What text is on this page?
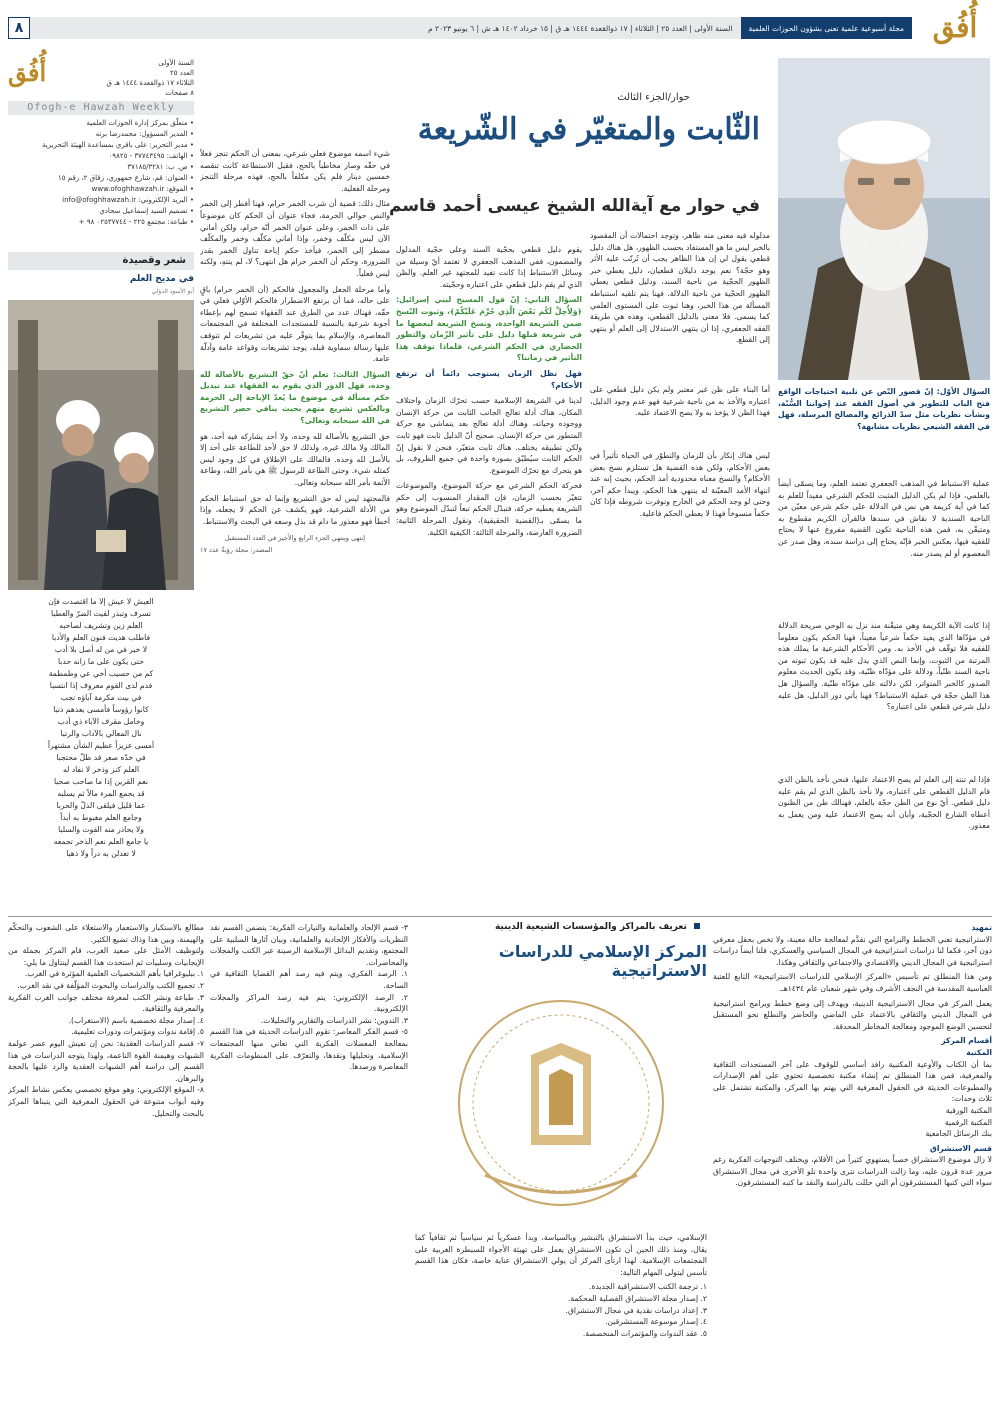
أُفُق
مجلة أسبوعية علمية تعنى بشؤون الحوزات العلمية
السنة الأولى | العدد ٢٥ | الثلاثاء | ١٧ ذوالقعدة ١٤٤٤ هـ ق | ١٥ خرداد ١٤٠٢ هـ ش | ٦ يونيو ٢٠٢٣ م
٨
حوار/الجزء الثالث
الثّابت والمتغيّر في الشّريعة
في حوار مع آيةالله الشيخ عيسى أحمد قاسم
السنة الأولى
العدد ٢٥
الثلاثاء ١٧ ذوالقعدة ١٤٤٤ هـ ق
٨ صفحات
أُفُق
Ofogh-e Hawzah Weekly
• متعلّق بمركز إدارة الحوزات العلمية
• المدير المسؤول: محمدرضا برته
• مدير التحرير: على باقري بمساعدة الهيئة التحريرية
• الهاتف: ٣٧٧٤٣٤٩٥ - ٠٩٨٢٥
• ص. ب: ٣٧١٨٥/٣٢٨١
• العنوان: قم، شارع جمهوري، زقاق ٢، رقم ١٥
• الموقع: www.ofoghhawzah.ir
• البريد الإلكتروني: info@ofoghhawzah.ir
• تصميم السيد إسماعيل سجادي
• طباعة: مجتمع ٢٢٥ - ٠٢٥٣٧٧٤٤ ٩٨ +
شعر وقصيدة
في مديح العلم
أبو الأسود الدؤلي
العيش لا عيش إلا ما اقتصدت فإن
تسرف وتبذر لقيت الضرّ والعطبا
العلم زين وتشريف لصاحبه
فاطلب هديت فنون العلم والأدبا
لا خير في من له أصل بلا أدب
حتى يكون على ما زانه حدبا
كم من حسيب أخي عي وطمطمة
فدم لدى القوم معروف إذا انتسبا
في بيت مكرمة آباؤه نجب
كانوا رؤوساً فأمسى بعدهم ذنبا
وخامل مقرف الآباء ذي أدب
نال المعالي بالآداب والرتبا
أمسى عزيزاً عظيم الشأن مشتهراً
في خدّه صعر قد ظلّ محتجبا
العلم كنز وذخر لا نفاد له
نعم القرين إذا ما صاحب صحبا
قد يجمع المرء مالاً ثم يسلبه
عما قليل فيلقى الذلّ والحربا
وجامع العلم مغبوط به أبداً
ولا يحاذر منه الفوت والسلبا
يا جامع العلم نعم الذخر تجمعه
لا تعدلن به دراً ولا ذهبا
مدلوله فيه معنى منه ظاهر، وتوجد احتمالات أن المقصود بالخبر ليس ما هو المستفاد بحسب الظهور، هل هناك دليل قطعي يقول لي إن هذا الظاهر يجب أن تُرتّب عليه الأثر وهو حجّة؟ نعم يوجد دليلان قطعيان، دليل يعطي خبر الظهور الحجّية من ناحية السند، ودليل قطعي يعطي الظهور الحجّية من ناحية الدلالة. فهنا يتم تلقيه استنباطه المسألة من هذا الخبر، وهنا ثبوت على المستوى العلمي كما يسمى. فلا معنى بالدليل القطعي، وهذه هي طريقة الفقه الجعفري، إذا أن ينتهي الاستدلال إلى العلم أو ينتهي إلى القطع.
أما البناء على ظن غير معتبر ولم يكن دليل قطعي على اعتباره والأخذ به من ناحية شرعية فهو عدم وجود الدليل، فهذا الظن لا يؤخذ به ولا يصح الاعتماد عليه.
السؤال الأوّل: إنّ قصور النّص عن تلبية احتياجات الواقع فتح الباب للتطوير في أصول الفقه عند إخواننا السُّنّة، ونشأت نظريات مثل سدّ الذرائع والمصالح المرسلة، فهل في الفقه الشيعي نظريات مشابهة؟
عملية الاستنباط في المذهب الجعفري تعتمد العلم، وما يسمّى أيضاً بالعلمي، فإذا لم يكن الدليل المثبت للحكم الشرعي مفيداً للعلم به كما في آية كريمة هي نص في الدلالة على حكم شرعي معيّن من الناحية السندية لا نقاش في سندها فالقرآن الكريم مقطوع به ومتيقّن به، فمن هذه الناحية تكون القضية مفروغ عنها لا يحتاج للفقيه فيها، بعكس الخبر فإنّه يحتاج إلى دراسة سنده، وهل صدر عن المعصوم أو لم يصدر منه.
إذا كانت الآية الكريمة وهي متيقّنة منذ نزل به الوحي صريحة الدلالة في مؤدّاها الذي يفيد حكماً شرعياً معيناً، فهنا الحكم يكون معلوماً للفقيه فلا توقّف في الأخذ به. ومن الأحكام الشرعية ما يملك هذه المرتبة من الثبوت، وإنما النص الذي يدل عليه قد يكون ثبوته من ناحية السند ظنّياً، ودلالة على مؤدّاه ظنّية، وقد يكون الحديث معلوم الصدور كالخبر المتواتر، لكن دلالته على مؤدّاه ظنّية. والسؤال هل هذا الظن حجّة في عملية الاستنباط؟ فهنا يأتي دور الدليل، هل عليه دليل شرعي قطعي على اعتباره؟
فإذا لم تنته إلى العلم لم يصح الاعتماد عليها، فنحن نأخذ بالظن الذي قام الدليل القطعي على اعتباره، ولا نأخذ بالظن الذي لم يقم عليه دليل قطعي. أيّ نوع من الظن حجّة بالعلم، فهنالك ظن من الظنون أعطاه الشارع الحجّية، وأبان أنه يصح الاعتماد عليه ومن يعمل به معذور.
ليس هناك إنكار بأن للزمان والتطوّر في الحياة تأثيراً في بعض الأحكام، ولكن هذه القضية هل تستلزم نسخ بعض الأحكام؟ والنسخ معناه محدودية أمد الحكم، بحيث إنه عند انتهاء الأمد المعيّنة له ينتهي هذا الحكم، ويبدأ حكم آخر، وحتى لو وجد الحكم في الخارج وتوفرت شروطه فإذا كان حكماً منسوخاً فهذا لا يعطي الحكم فاعلية.
يقوم دليل قطعي بحجّية السند وعلى حجّية المدلول والمضمون، ففي المذهب الجعفري لا تعتمد أيّ وسيلة من وسائل الاستنباط إذا كانت تفيد للمجتهد غير العلم. والظن الذي لم يقم دليل قطعي على اعتباره وحجّيته.
السؤال الثاني: إنّ قول المسيح لبني إسرائيل: ﴿وَلِأُحِلَّ لَكُم بَعْضَ الَّذِي حُرِّمَ عَلَيْكُمْ﴾، وثبوت النّسخ ضمن الشريعة الواحدة، ونسخ الشريعة لبعضها ما في شريعة قبلها دليل على تأثير الزّمان والتطور الحضاري في الحكم الشرعي، فلماذا توقف هذا التأثير في زماننا؟
فهل تظل الزمان يستوجب دائماً أن ترتفع الأحكام؟
لدينا في الشريعة الإسلامية حسب تحرّك الزمان واختلاف المكان، هناك أدلة تعالج الجانب الثابت من حركة الإنسان ووجوده وحياته، وهناك أدلة تعالج بعد يتماشى مع حركة المتطور من حركة الإنسان. صحيح أنّ الدليل ثابت فهو ثابت ولكن تطبيقه يختلف. هناك ثابت متغيّر، فنحن لا نقول إنّ الحكم الثابت سيُطبّق بصورة واحدة في جميع الظروف، بل هو يتحرك مع تحرّك الموضوع.
فحركة الحكم الشرعي مع حركة الموضوع، والموضوعات تتغيّر بحسب الزمان، فإن المقدار المنسوب إلى حكم الشريعة يعطيه حركة، فتبدّل الحكم تبعاً لتبدّل الموضوع وهو ما يسمّى بـ(القضية الحقيقية)، ونقول المرحلة الثانية: الضرورة العارضة، والمرحلة الثالثة: الكيفية الكلية.
شيء اسمه موضوع فعلي شرعي، بمعنى أن الحكم تنجز فعلاً في حقّه وصار مخاطباً بالحج، فقبل الاستطاعة كانت تنقصه خمسين دينار فلم يكن مكلفاً بالحج، فهذه مرحلة التنجز ومرحلة الفعلية.
مثال ذلك: قضية أن شرب الخمر حرام، فهنا أفطر إلى الخمر والنص حوالي الحرمة، فجاء عنوان أن الحكم كان موضوعاً على ذات الخمر، وعلى عنوان الخمر أنّه حرام، ولكن أماني الآن ليس مكلّف وخمر، وإذا أماني مكلّف وخمر والمكلّف مضطر إلى الخمر، فيأخذ حكم إباحة تناول الخمر بقدر الضرورة، وحكم أن الخمر حرام هل انتهى؟ لا، لم ينتهِ، ولكنه ليس فعلياً.
وأما مرحلة الجعل والمجعول فالحكم (أن الخمر حرام) باقٍ على حاله، فما أن يرتفع الاضطرار فالحكم الأوّلي فعلي في حقّه، فهناك عدد من الطرق عند الفقهاء تسمح لهم بإعطاء أجوبة شرعية بالنسبة للمستجدات المختلفة في المجتمعات المعاصرة، والإسلام بما يتوفّر عليه من تشريعات لم تتوقف عليها رسالة سماوية قبله، يوجد تشريعات وقواعد عامة وأدلّة عامة.
السؤال الثالث: تعلم أنّ حقّ التشريع بالأصالة لله وحده، فهل الدور الذي يقوم به الفقهاء عند تبديل حكم مسألة في موضوع ما يُعدّ الإباحة إلى الحرمة وبالعكس تشريع متهم بحيث ينافي حصر التشريع في الله سبحانه وتعالى؟
حق التشريع بالأصالة لله وحده، ولا أحد يشاركه فيه أحد، هو المالك ولا مالك غيره، ولذلك لا حق لأحد للطاعة على أحد إلا بالأصل لله وحده. فالمالك على الإطلاق في كل وجود ليس كمثله شيء. وحتى الطاعة للرسول ﷺ هي بأمر الله، وطاعة الأئمة بأمر الله سبحانه وتعالى.
فالمجتهد ليس له حق التشريع وإنما له حق استنباط الحكم من الأدلة الشرعية، فهو يكشف عن الحكم لا يجعله، وإذا أخطأ فهو معذور ما دام قد بذل وسعه في البحث والاستنباط.
إنتهى وينتهي الجزء الرابع والأخير في العدد المستقبل
المصدر: مجلة رؤيةٌ عدد ١٧
تعريف بالمراكز والمؤسسات الشيعية الدينية
المركز الإسلامي للدراسات الاستراتيجية
تمهيد
الاستراتيجية تعني الخطط والبرامج التي تقدَّم لمعالجة حالة معينة، ولا تخص بحقل معرفي دون آخر، فكما لنا دراسات استراتيجية في المجال السياسي والعسكري، فلنا أيضاً دراسات استراتيجية في المجال الديني والاقتصادي والاجتماعي والثقافي وهكذا.
ومن هذا المنطلق تم تأسيس «المركز الإسلامي للدراسات الاستراتيجية» التابع للعتبة العباسية المقدسة في النجف الأشرف وفي شهر شعبان عام ١٤٣٤هـ.
يعمل المركز في مجال الاستراتيجية الدينية، ويهدف إلى وضع خطط وبرامج استراتيجية في المجال الديني والثقافي بالاعتماد على الماضي والحاضر والتطلع نحو المستقبل لتحسين الوضع الموجود ومعالجة المخاطر المحدقة.
أقسام المركز
المكتبة
بما أن الكتاب والأوعية المكتبية رافد أساسي للوقوف على آخر المستجدات الثقافية والمعرفية، فمن هذا المنطلق تم إنشاء مكتبة تخصصية تحتوي على أهم الإصدارات والمطبوعات الحديثة في الحقول المعرفية التي يهتم بها المركز، والمكتبة تشتمل على ثلاث وحدات:
المكتبة الورقية
المكتبة الرقمية
بنك الرسائل الجامعية
قسم الاستشراق
لا زال موضوع الاستشراق خصباً يستهوي كثيراً من الأقلام، ويختلف التوجهات الفكرية رغم مرور عدة قرون عليه، وما زالت الدراسات تترى واحدة تلو الأخرى في مجال الاستشراق سواء التي كتبها المستشرقون أم التي حللت بالدراسة والنقد ما كتبه المستشرقون.
الإسلامي، حيث بدأ الاستشراق بالتبشير وبالسياسة، وبدأ عسكرياً ثم سياسياً ثم ثقافياً كما يقال، ومنذ ذلك الحين أن تكون الاستشراق يعمل على تهيئة الأجواء للسيطرة الغربية على المجتمعات الإسلامية. لهذا ارتأى المركز أن يولي الاستشراق عناية خاصة، فكان هذا القسم تأسس ليتولى المهام التالية:
١. ترجمة الكتب الاستشراقية الجديدة.
٢. إصدار مجلة الاستشراق الفصلية المحكمة.
٣. إعداد دراسات نقدية في مجال الاستشراق.
٤. إصدار موسوعة المستشرقين.
٥. عقد الندوات والمؤتمرات المتخصصة.
٣- قسم الإلحاد والعلمانية والتيارات الفكرية: يتضمن القسم نقد النظريات والأفكار الإلحادية والعلمانية، وبيان آثارها السلبية على المجتمع، وتقديم البدائل الإسلامية الرصينة عبر الكتب والمجلات والمحاضرات.
١. الرصد الفكري، ويتم فيه رصد أهم القضايا الثقافية في الساحة.
٢. الرصد الإلكتروني: يتم فيه رصد المراكز والمجلات الإلكترونية.
٣. التدوين: نشر الدراسات والتقارير والتحليلات.
٥- قسم الفكر المعاصر: تقوم الدراسات الحديثة في هذا القسم بمعالجة المعضلات الفكرية التي تعاني منها المجتمعات الإسلامية، وتحليلها ونقدها، والتعرّف على المنظومات الفكرية المعاصرة ورصدها.
مطالع بالاستكبار والاستعمار والاستعلاء على الشعوب والتحكّم والهيمنة، وبين هذا وذاك تضيع الكثير.
ولتوظيف الأمثل على صعيد الغرب، قام المركز بجملة من الإيجابيات وسلبيات ثم استحدث هذا القسم لينتاول ما يلي:
١. ببليوغرافيا بأهم الشخصيات العلمية المؤثرة في الغرب.
٢. تجميع الكتب والدراسات والبحوث المؤلّفة في نقد الغرب.
٣. طباعة ونشر الكتب لمعرفة مختلف جوانب الغرب الفكرية والمعرفية والثقافية.
٤. إصدار مجلة تخصصية باسم (الاستغراب).
٥. إقامة ندوات ومؤتمرات ودورات تعليمية.
٧- قسم الدراسات العقدية: نحن إن تعيش اليوم عصر عولمة الشبهات وهيمنة القوة الناعمة، ولهذا يتوجه الدراسات في هذا القسم إلى دراسة أهم الشبهات العقدية والرد عليها بالحجة والبرهان.
٨- الموقع الإلكتروني: وهو موقع تخصصي يعكس نشاط المركز وفيه أبواب متنوعة في الحقول المعرفية التي يتبناها المركز بالبحث والتحليل.
